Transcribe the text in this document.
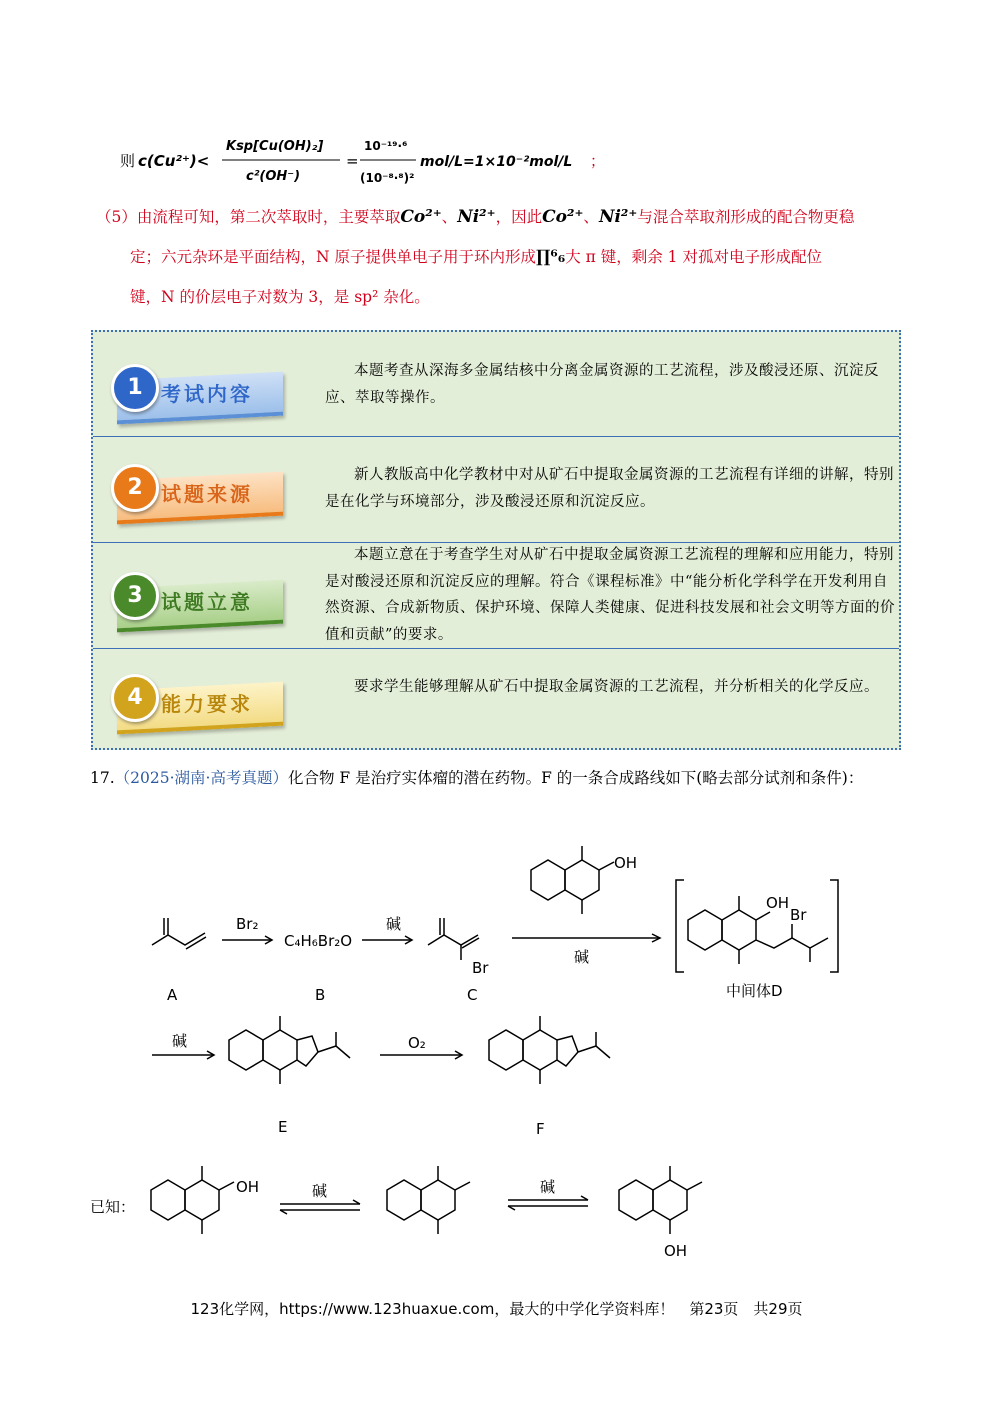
则 c(Cu²⁺)<
Ksp[Cu(OH)₂]
c²(OH⁻)
=
10⁻¹⁹·⁶
(10⁻⁸·⁸)²
mol/L=1×10⁻²mol/L ；
（5）由流程可知，第二次萃取时，主要萃取Co²⁺、Ni²⁺，因此Co²⁺、Ni²⁺与混合萃取剂形成的配合物更稳
定；六元杂环是平面结构，N 原子提供单电子用于环内形成∏⁶₆大 π 键，剩余 1 对孤对电子形成配位
键，N 的价层电子对数为 3，是 sp² 杂化。
1 考试内容
本题考查从深海多金属结核中分离金属资源的工艺流程，涉及酸浸还原、沉淀反应、萃取等操作。
2 试题来源
新人教版高中化学教材中对从矿石中提取金属资源的工艺流程有详细的讲解，特别是在化学与环境部分，涉及酸浸还原和沉淀反应。
3 试题立意
本题立意在于考查学生对从矿石中提取金属资源工艺流程的理解和应用能力，特别是对酸浸还原和沉淀反应的理解。符合《课程标准》中“能分析化学科学在开发利用自然资源、合成新物质、保护环境、保障人类健康、促进科技发展和社会文明等方面的价值和贡献”的要求。
4 能力要求
要求学生能够理解从矿石中提取金属资源的工艺流程，并分析相关的化学反应。
17.（2025·湖南·高考真题）化合物 F 是治疗实体瘤的潜在药物。F 的一条合成路线如下(略去部分试剂和条件)：
Br₂
C₄H₆Br₂O
碱
碱
Br
OH
OH
Br
A	B	C	中间体D
碱	O₂
E	F
OH	碱	碱
OH
已知：
123化学网，https://www.123huaxue.com，最大的中学化学资料库！　第23页　共29页
